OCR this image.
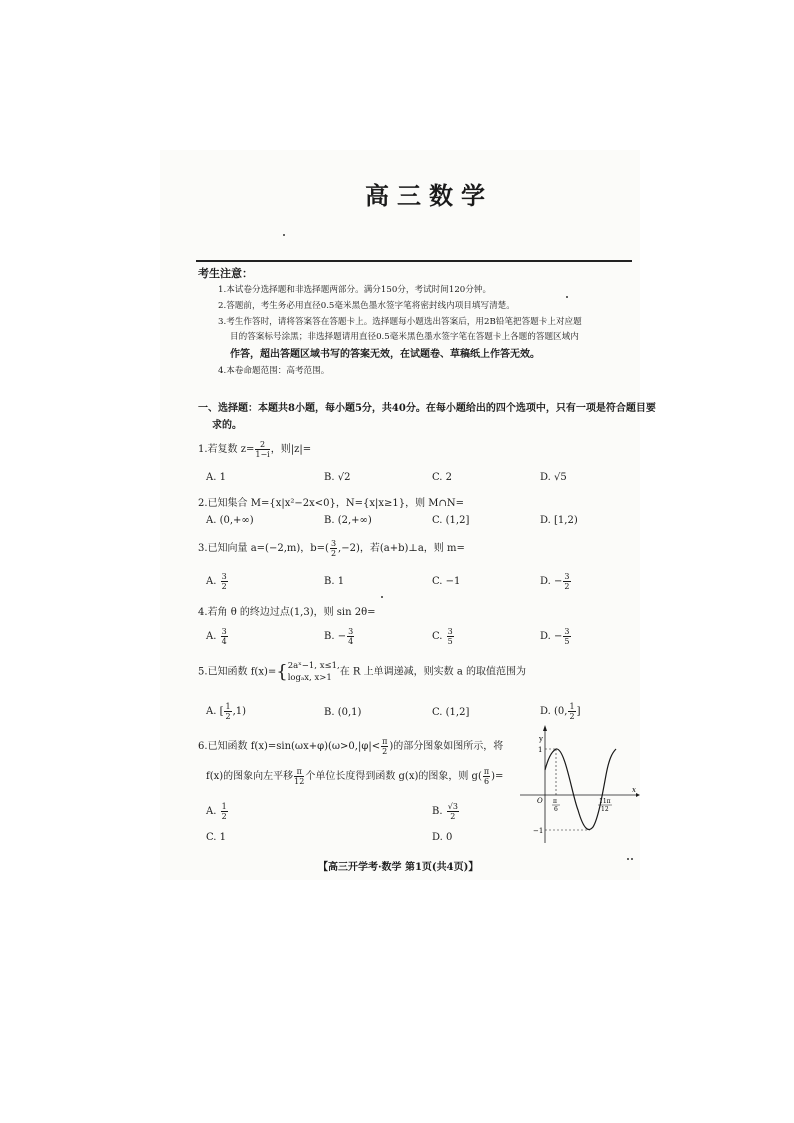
高三数学
考生注意：
1.本试卷分选择题和非选择题两部分。满分150分，考试时间120分钟。
2.答题前，考生务必用直径0.5毫米黑色墨水签字笔将密封线内项目填写清楚。
3.考生作答时，请将答案答在答题卡上。选择题每小题选出答案后，用2B铅笔把答题卡上对应题
目的答案标号涂黑；非选择题请用直径0.5毫米黑色墨水签字笔在答题卡上各题的答题区域内
作答，超出答题区域书写的答案无效，在试题卷、草稿纸上作答无效。
4.本卷命题范围：高考范围。
一、选择题：本题共8小题，每小题5分，共40分。在每小题给出的四个选项中，只有一项是符合题目要
求的。
1.若复数 $z= \frac{2}{1-i}$ ，则|z|=
A. 1	B. √2	C. 2	D. √5
2.已知集合 M={x|x²−2x<0}，N={x|x≥1}，则 M∩N=
A. (0,+∞)	B. (2,+∞)	C. (1,2]	D. [1,2)
3.已知向量 a=(−2,m)，$b=( \frac{3}{2} ,-2)$，若(a+b)⊥a，则 m=
A. $\frac{3}{2}$	B. 1	C. −1	D. − $\frac{3}{2}$
4.若角 θ 的终边过点(1,3)，则 sin 2θ=
A. $\frac{3}{4}$	B. − $\frac{3}{4}$	C. $\frac{3}{5}$	D. − $\frac{3}{5}$
5.已知函数 f(x)={ 2aˣ−1, x≤1,
logₐx, x>1
在 R 上单调递减，则实数 a 的取值范围为
A. [ $\frac{1}{2} ,1$)	B. (0,1)	C. (1,2]	D. (0, $\frac{1}{2}$ ]
6.已知函数 $f(x)=\sin(\omega x+\varphi)(\omega>0,|\varphi|< \frac{\pi}{2}$ )的部分图象如图所示，将
f(x)的图象向左平移 $\frac{\pi}{12}$ 个单位长度得到函数 g(x)的图象，则 $g( \frac{\pi}{6}$ )=
A. $\frac{1}{2}$	B. $\frac{√3}{2}$
C. 1	D. 0
y
1
−1
O
x
π
6
11π
12
【高三开学考·数学 第1页(共4页)】
